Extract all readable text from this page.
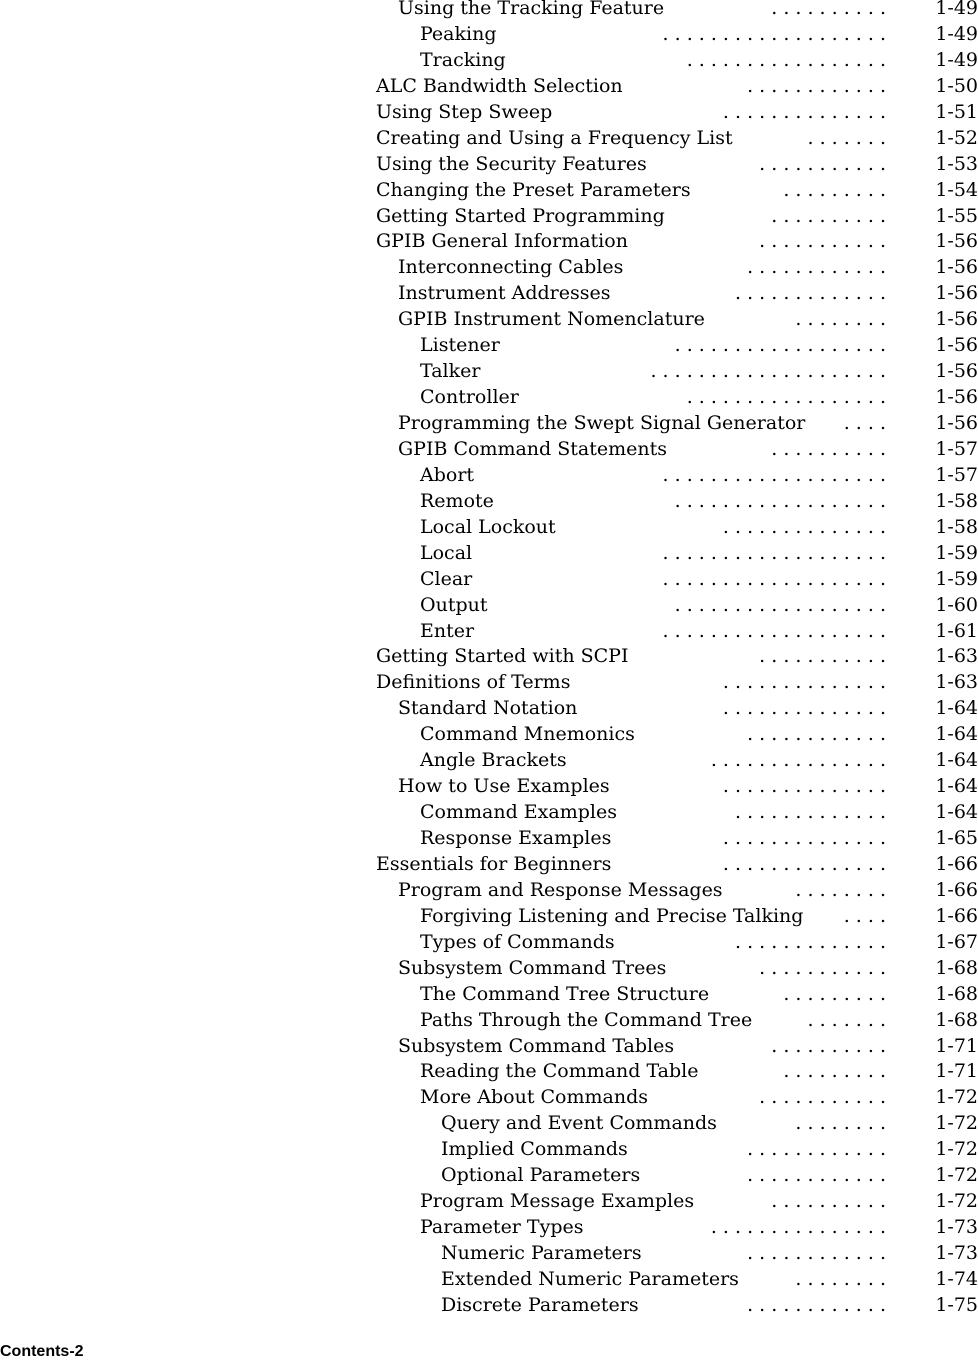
Using the Tracking Feature	. . . . . . . . . .	1-49
Peaking	. . . . . . . . . . . . . . . . . . .	1-49
Tracking	. . . . . . . . . . . . . . . . .	1-49
ALC Bandwidth Selection	. . . . . . . . . . . .	1-50
Using Step Sweep	. . . . . . . . . . . . . .	1-51
Creating and Using a Frequency List	. . . . . . .	1-52
Using the Security Features	. . . . . . . . . . .	1-53
Changing the Preset Parameters	. . . . . . . . .	1-54
Getting Started Programming	. . . . . . . . . .	1-55
GPIB General Information	. . . . . . . . . . .	1-56
Interconnecting Cables	. . . . . . . . . . . .	1-56
Instrument Addresses	. . . . . . . . . . . . .	1-56
GPIB Instrument Nomenclature	. . . . . . . .	1-56
Listener	. . . . . . . . . . . . . . . . . .	1-56
Talker	. . . . . . . . . . . . . . . . . . . .	1-56
Controller	. . . . . . . . . . . . . . . . .	1-56
Programming the Swept Signal Generator . . . .	1-56
GPIB Command Statements	. . . . . . . . . .	1-57
Abort	. . . . . . . . . . . . . . . . . . .	1-57
Remote	. . . . . . . . . . . . . . . . . .	1-58
Local Lockout	. . . . . . . . . . . . . .	1-58
Local	. . . . . . . . . . . . . . . . . . .	1-59
Clear	. . . . . . . . . . . . . . . . . . .	1-59
Output	. . . . . . . . . . . . . . . . . .	1-60
Enter	. . . . . . . . . . . . . . . . . . .	1-61
Getting Started with SCPI	. . . . . . . . . . .	1-63
Definitions of Terms	. . . . . . . . . . . . . .	1-63
Standard Notation	. . . . . . . . . . . . . .	1-64
Command Mnemonics	. . . . . . . . . . . .	1-64
Angle Brackets	. . . . . . . . . . . . . . .	1-64
How to Use Examples	. . . . . . . . . . . . . .	1-64
Command Examples	. . . . . . . . . . . . .	1-64
Response Examples	. . . . . . . . . . . . . .	1-65
Essentials for Beginners	. . . . . . . . . . . . . .	1-66
Program and Response Messages	. . . . . . . .	1-66
Forgiving Listening and Precise Talking . . . .	1-66
Types of Commands	. . . . . . . . . . . . .	1-67
Subsystem Command Trees	. . . . . . . . . . .	1-68
The Command Tree Structure	. . . . . . . . .	1-68
Paths Through the Command Tree	. . . . . . .	1-68
Subsystem Command Tables	. . . . . . . . . .	1-71
Reading the Command Table	. . . . . . . . .	1-71
More About Commands	. . . . . . . . . . .	1-72
Query and Event Commands	. . . . . . . .	1-72
Implied Commands	. . . . . . . . . . . .	1-72
Optional Parameters	. . . . . . . . . . . .	1-72
Program Message Examples	. . . . . . . . . .	1-72
Parameter Types	. . . . . . . . . . . . . . .	1-73
Numeric Parameters	. . . . . . . . . . . .	1-73
Extended Numeric Parameters	. . . . . . . .	1-74
Discrete Parameters	. . . . . . . . . . . .	1-75
Contents-2
